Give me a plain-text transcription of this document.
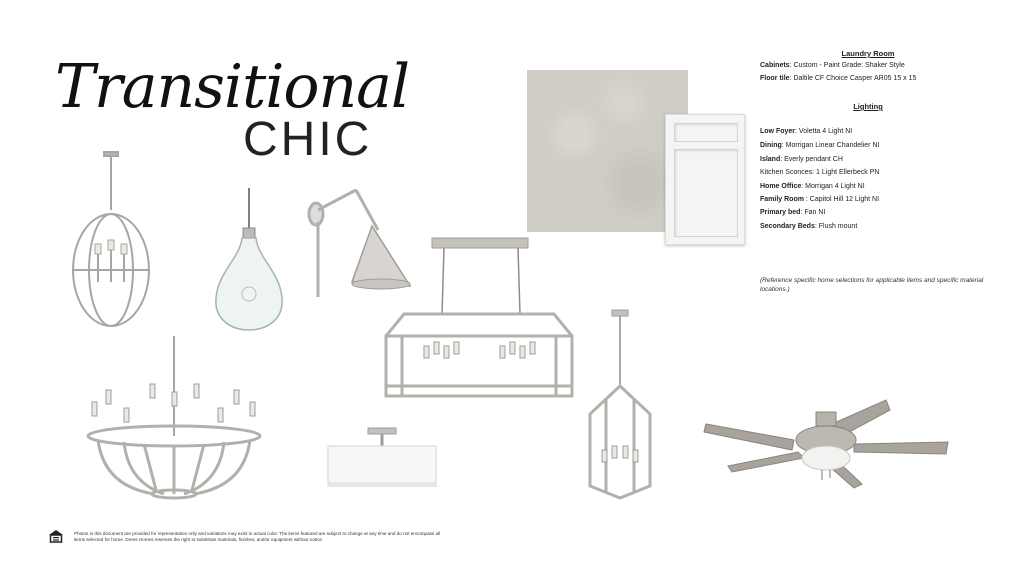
Transitional
CHIC
Laundry Room
Cabinets: Custom - Paint Grade: Shaker Style
Floor tile: Daltile CF Choice Casper AR05 15 x 15
Lighting
Low Foyer: Voletta 4 Light NI
Dining: Morrigan Linear Chandelier NI
Island: Everly pendant CH
Kitchen Sconces: 1 Light Ellerbeck PN
Home Office: Morrigan 4 Light NI
Family Room : Capitol Hill 12 Light NI
Primary bed: Fan NI
Secondary Beds: Flush mount
(Reference specific home selections for applicable items and specific material locations.)
Photos in this document are provided for representation only and variations may exist in actual color. The items featured are subject to change at any time and do not encompass all items selected for home. Drees Homes reserves the right to substitute materials, finishes, and/or equipment without notice.
